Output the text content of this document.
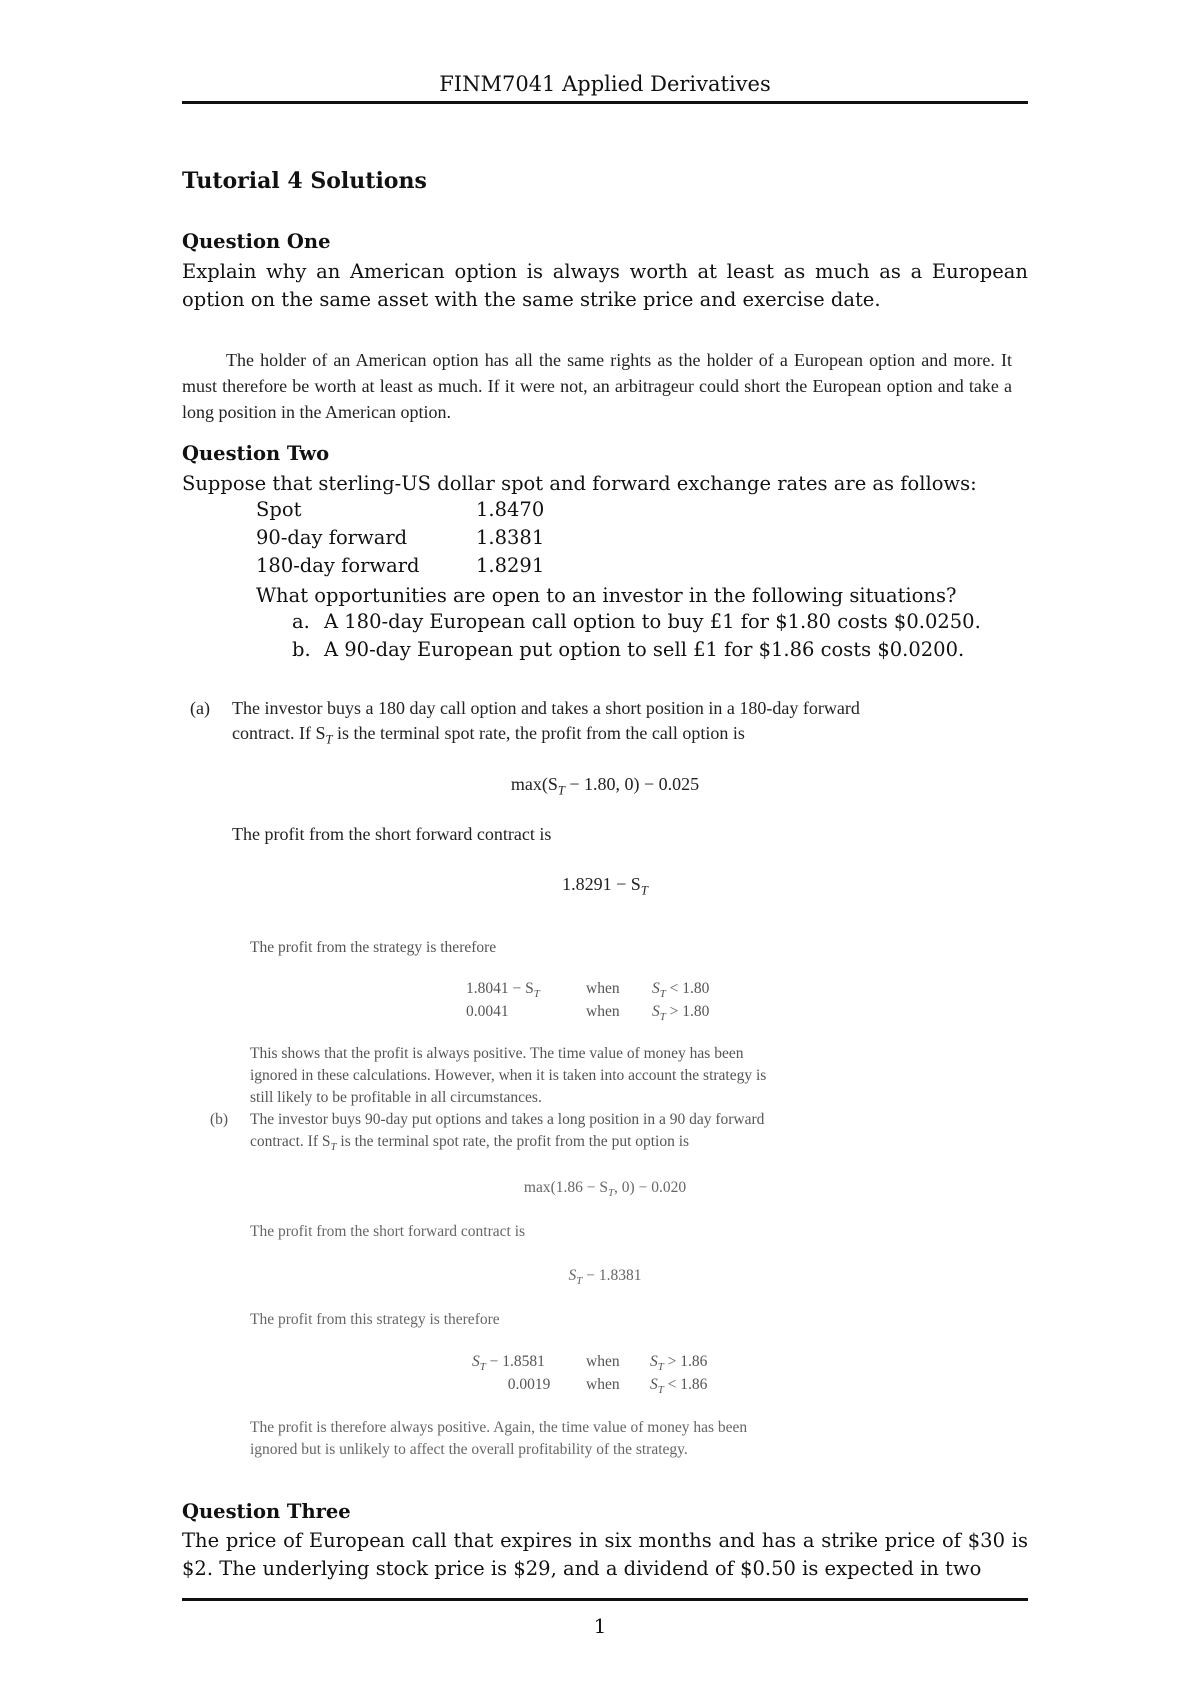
FINM7041 Applied Derivatives
Tutorial 4 Solutions
Question One
Explain why an American option is always worth at least as much as a European option on the same asset with the same strike price and exercise date.
The holder of an American option has all the same rights as the holder of a European option and more. It must therefore be worth at least as much. If it were not, an arbitrageur could short the European option and take a long position in the American option.
Question Two
Suppose that sterling-US dollar spot and forward exchange rates are as follows:
Spot	1.8470
90-day forward	1.8381
180-day forward	1.8291
What opportunities are open to an investor in the following situations?
a. A 180-day European call option to buy £1 for $1.80 costs $0.0250.
b. A 90-day European put option to sell £1 for $1.86 costs $0.0200.
(a) The investor buys a 180 day call option and takes a short position in a 180-day forward
contract. If $S_T$ is the terminal spot rate, the profit from the call option is
$\max(S_T - 1.80$, 0) − 0.025
The profit from the short forward contract is
$1.8291 - S_T$
The profit from the strategy is therefore
$1.8041 - S_T$	when $S_T < 1.80$
0.0041	when $S_T > 1.80$
This shows that the profit is always positive. The time value of money has been
ignored in these calculations. However, when it is taken into account the strategy is
still likely to be profitable in all circumstances.
(b) The investor buys 90-day put options and takes a long position in a 90 day forward
contract. If $S_T$ is the terminal spot rate, the profit from the put option is
$\max(1.86 - S_T$, 0) − 0.020
The profit from the short forward contract is
$S_T - 1.8381$
The profit from this strategy is therefore
$S_T - 1.8581$	when $S_T > 1.86$
0.0019 when $S_T < 1.86$
The profit is therefore always positive. Again, the time value of money has been
ignored but is unlikely to affect the overall profitability of the strategy.
Question Three
The price of European call that expires in six months and has a strike price of $30 is $2. The underlying stock price is $29, and a dividend of $0.50 is expected in two
1
